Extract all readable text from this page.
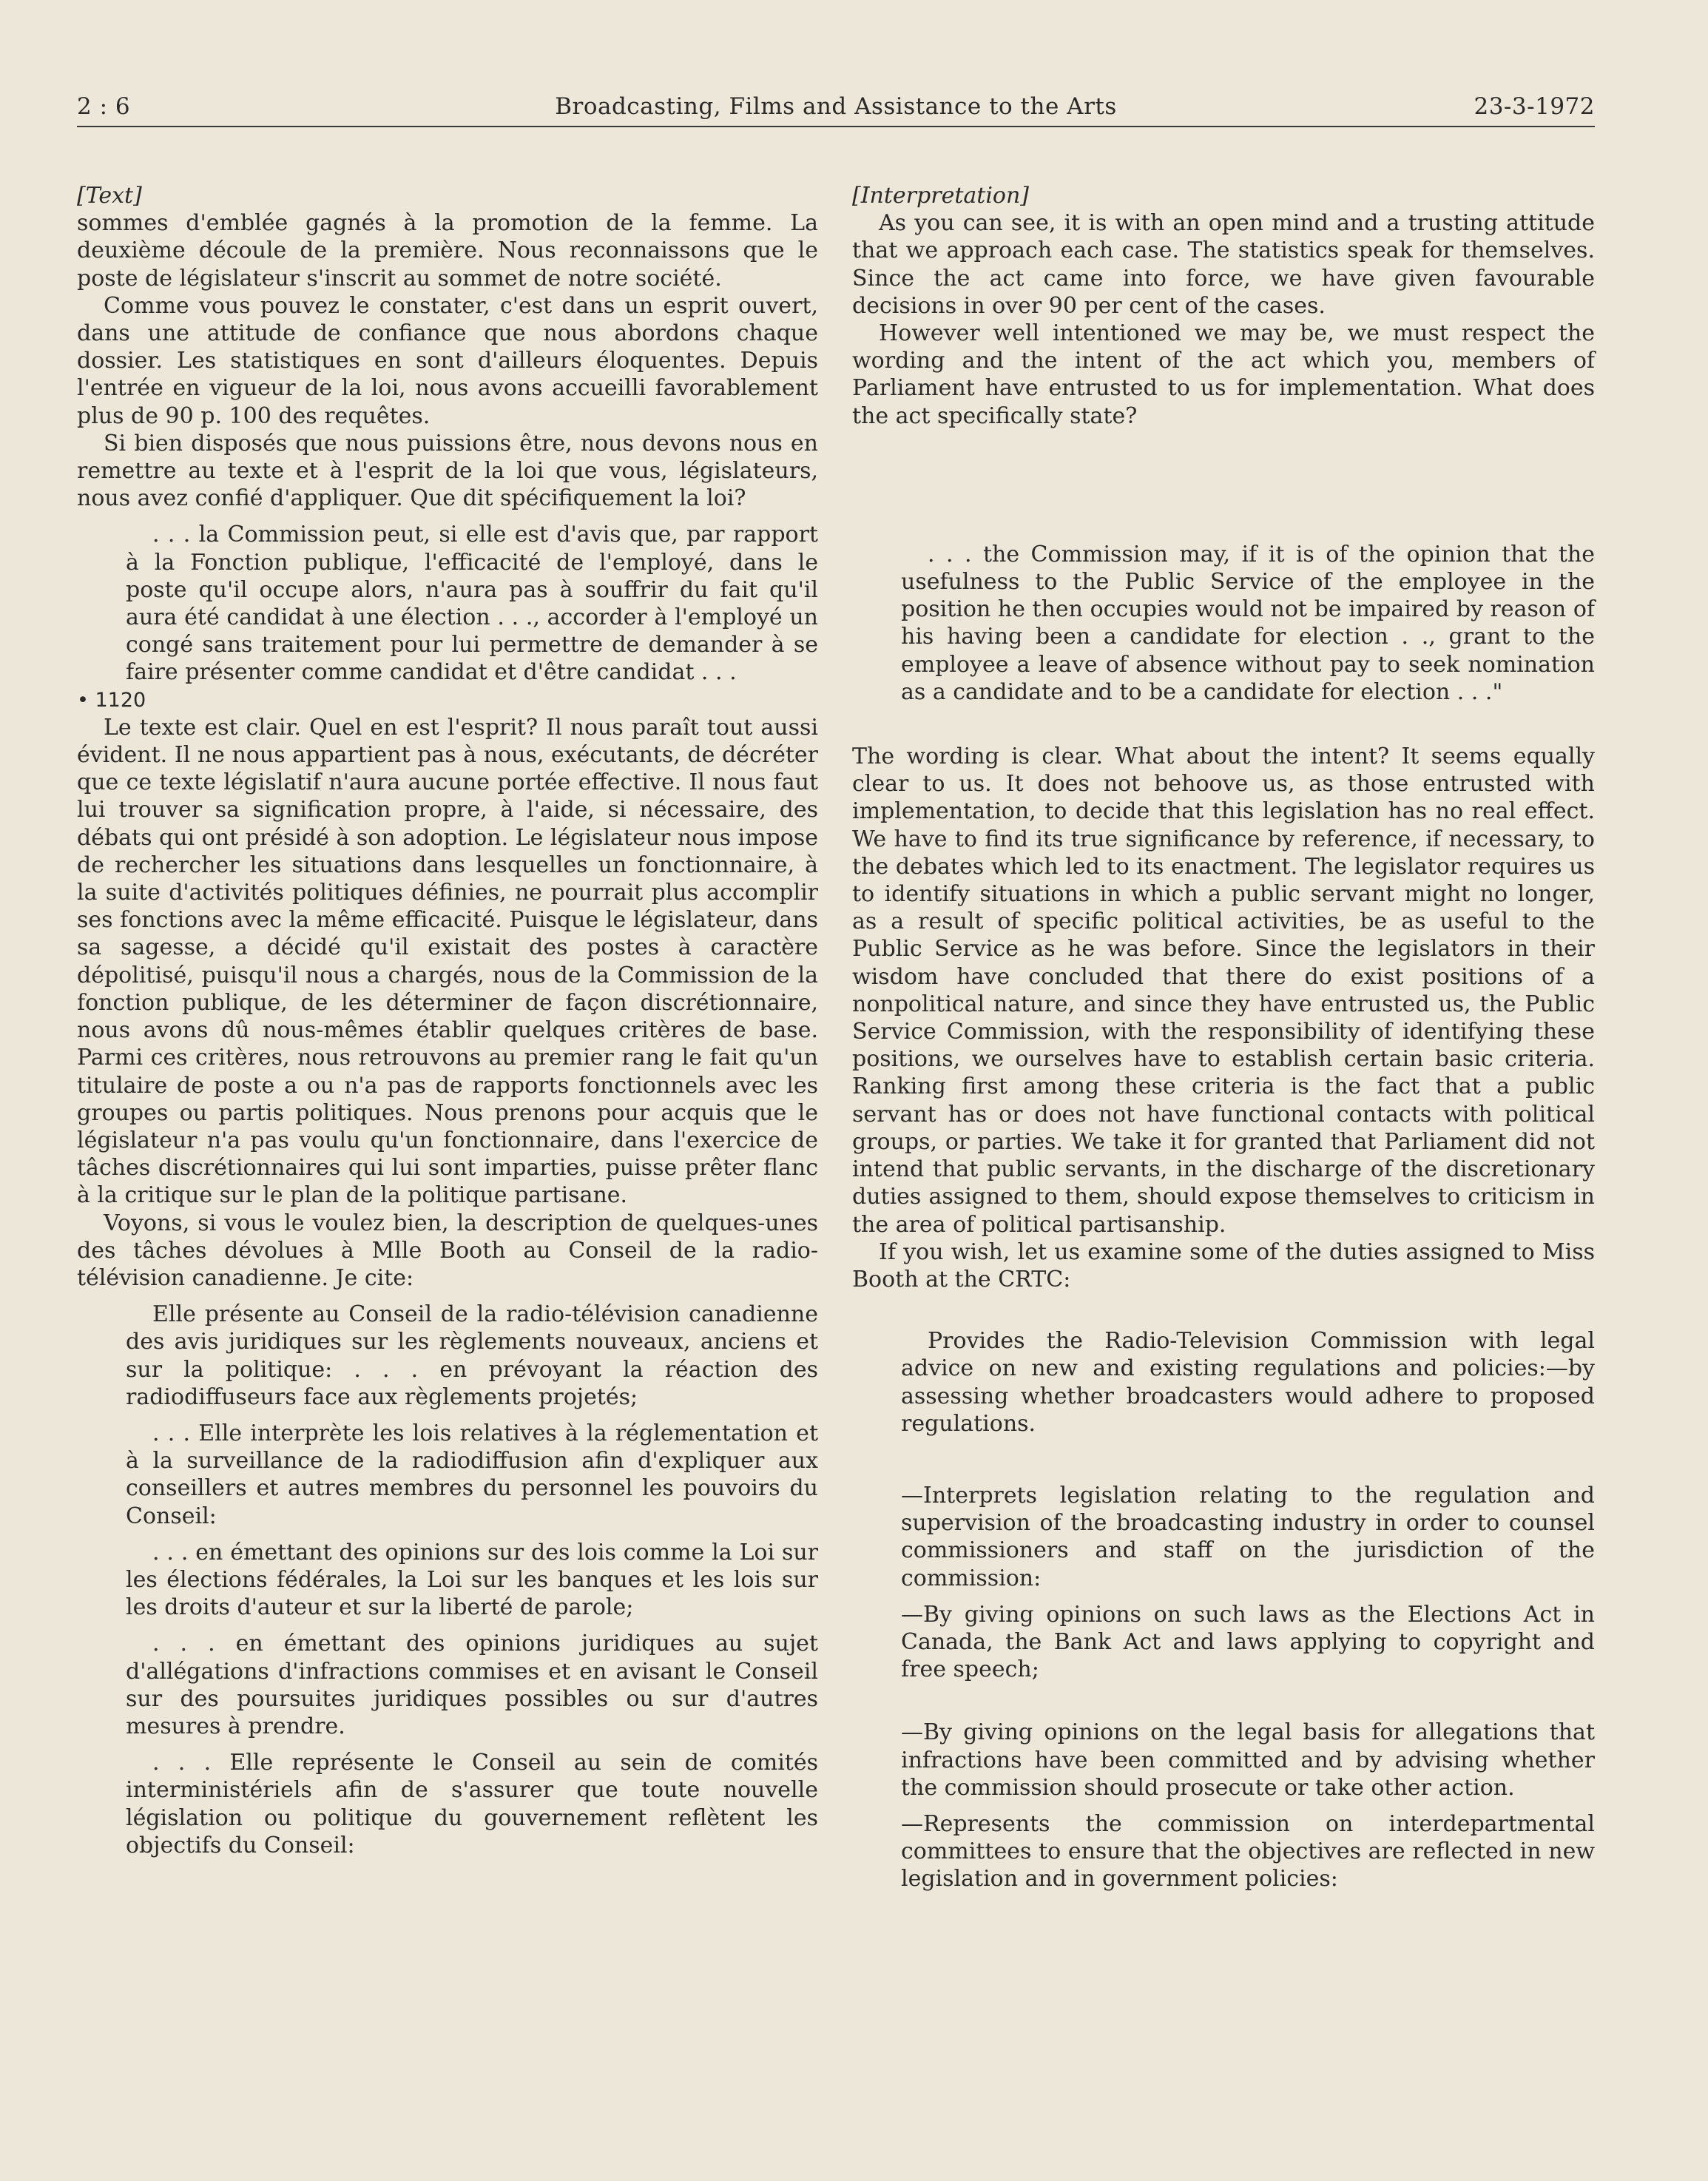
2 : 6	Broadcasting, Films and Assistance to the Arts	23-3-1972

[Text]

sommes d'emblée gagnés à la promotion de la femme. La deuxième découle de la première. Nous reconnaissons que le poste de législateur s'inscrit au sommet de notre société.

Comme vous pouvez le constater, c'est dans un esprit ouvert, dans une attitude de confiance que nous abordons chaque dossier. Les statistiques en sont d'ailleurs éloquentes. Depuis l'entrée en vigueur de la loi, nous avons accueilli favorablement plus de 90 p. 100 des requêtes.

Si bien disposés que nous puissions être, nous devons nous en remettre au texte et à l'esprit de la loi que vous, législateurs, nous avez confié d'appliquer. Que dit spécifiquement la loi?

. . . la Commission peut, si elle est d'avis que, par rapport à la Fonction publique, l'efficacité de l'employé, dans le poste qu'il occupe alors, n'aura pas à souffrir du fait qu'il aura été candidat à une élection . . ., accorder à l'employé un congé sans traitement pour lui permettre de demander à se faire présenter comme candidat et d'être candidat . . .

• 1120

Le texte est clair. Quel en est l'esprit? Il nous paraît tout aussi évident. Il ne nous appartient pas à nous, exécutants, de décréter que ce texte législatif n'aura aucune portée effective. Il nous faut lui trouver sa signification propre, à l'aide, si nécessaire, des débats qui ont présidé à son adoption. Le législateur nous impose de rechercher les situations dans lesquelles un fonctionnaire, à la suite d'activités politiques définies, ne pourrait plus accomplir ses fonctions avec la même efficacité. Puisque le législateur, dans sa sagesse, a décidé qu'il existait des postes à caractère dépolitisé, puisqu'il nous a chargés, nous de la Commission de la fonction publique, de les déterminer de façon discrétionnaire, nous avons dû nous-mêmes établir quelques critères de base. Parmi ces critères, nous retrouvons au premier rang le fait qu'un titulaire de poste a ou n'a pas de rapports fonctionnels avec les groupes ou partis politiques. Nous prenons pour acquis que le législateur n'a pas voulu qu'un fonctionnaire, dans l'exercice de tâches discrétionnaires qui lui sont imparties, puisse prêter flanc à la critique sur le plan de la politique partisane.

Voyons, si vous le voulez bien, la description de quelques-unes des tâches dévolues à Mlle Booth au Conseil de la radio-télévision canadienne. Je cite:

Elle présente au Conseil de la radio-télévision canadienne des avis juridiques sur les règlements nouveaux, anciens et sur la politique: . . . en prévoyant la réaction des radiodiffuseurs face aux règlements projetés;

. . . Elle interprète les lois relatives à la réglementation et à la surveillance de la radiodiffusion afin d'expliquer aux conseillers et autres membres du personnel les pouvoirs du Conseil:

. . . en émettant des opinions sur des lois comme la Loi sur les élections fédérales, la Loi sur les banques et les lois sur les droits d'auteur et sur la liberté de parole;

. . . en émettant des opinions juridiques au sujet d'allégations d'infractions commises et en avisant le Conseil sur des poursuites juridiques possibles ou sur d'autres mesures à prendre.

. . . Elle représente le Conseil au sein de comités interministériels afin de s'assurer que toute nouvelle législation ou politique du gouvernement reflètent les objectifs du Conseil:

[Interpretation]

As you can see, it is with an open mind and a trusting attitude that we approach each case. The statistics speak for themselves. Since the act came into force, we have given favourable decisions in over 90 per cent of the cases.

However well intentioned we may be, we must respect the wording and the intent of the act which you, members of Parliament have entrusted to us for implementation. What does the act specifically state?

. . . the Commission may, if it is of the opinion that the usefulness to the Public Service of the employee in the position he then occupies would not be impaired by reason of his having been a candidate for election . ., grant to the employee a leave of absence without pay to seek nomination as a candidate and to be a candidate for election . . ."

The wording is clear. What about the intent? It seems equally clear to us. It does not behoove us, as those entrusted with implementation, to decide that this legislation has no real effect. We have to find its true significance by reference, if necessary, to the debates which led to its enactment. The legislator requires us to identify situations in which a public servant might no longer, as a result of specific political activities, be as useful to the Public Service as he was before. Since the legislators in their wisdom have concluded that there do exist positions of a nonpolitical nature, and since they have entrusted us, the Public Service Commission, with the responsibility of identifying these positions, we ourselves have to establish certain basic criteria. Ranking first among these criteria is the fact that a public servant has or does not have functional contacts with political groups, or parties. We take it for granted that Parliament did not intend that public servants, in the discharge of the discretionary duties assigned to them, should expose themselves to criticism in the area of political partisanship.

If you wish, let us examine some of the duties assigned to Miss Booth at the CRTC:

Provides the Radio-Television Commission with legal advice on new and existing regulations and policies:—by assessing whether broadcasters would adhere to proposed regulations.

—Interprets legislation relating to the regulation and supervision of the broadcasting industry in order to counsel commissioners and staff on the jurisdiction of the commission:

—By giving opinions on such laws as the Elections Act in Canada, the Bank Act and laws applying to copyright and free speech;

—By giving opinions on the legal basis for allegations that infractions have been committed and by advising whether the commission should prosecute or take other action.

—Represents the commission on interdepartmental committees to ensure that the objectives are reflected in new legislation and in government policies:
